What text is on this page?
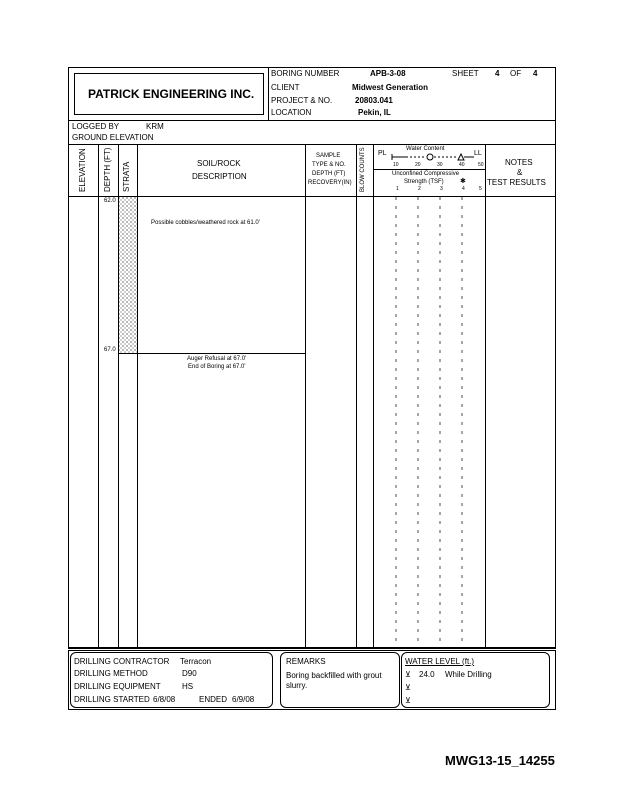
PATRICK ENGINEERING INC.
BORING NUMBER	APB-3-08	SHEET 4 OF 4
CLIENT	Midwest Generation
PROJECT & NO.	20803.041
LOCATION	Pekin, IL
LOGGED BY	KRM
GROUND ELEVATION
ELEVATION DEPTH (FT) STRATA	SOIL/ROCK
DESCRIPTION
SAMPLE
TYPE & NO.
DEPTH (FT)
RECOVERY(IN) BLOW COUNTS PL	LL
Water Content
10	20	30	40	50
Unconfined Compressive
Strength (TSF) ✱
1	2	3	4	5
NOTES
&
TEST RESULTS
62.0
67.0
Possible cobbles/weathered rock at 61.0'
Auger Refusal at 67.0'
End of Boring at 67.0'
DRILLING CONTRACTOR Terracon
DRILLING METHOD	D90
DRILLING EQUIPMENT	HS
DRILLING STARTED 6/8/08	ENDED 6/9/08
REMARKS
Boring backfilled with grout
slurry.
WATER LEVEL (ft.)
⊻ 24.0 While Drilling
⊻
⊻
MWG13-15_14255
